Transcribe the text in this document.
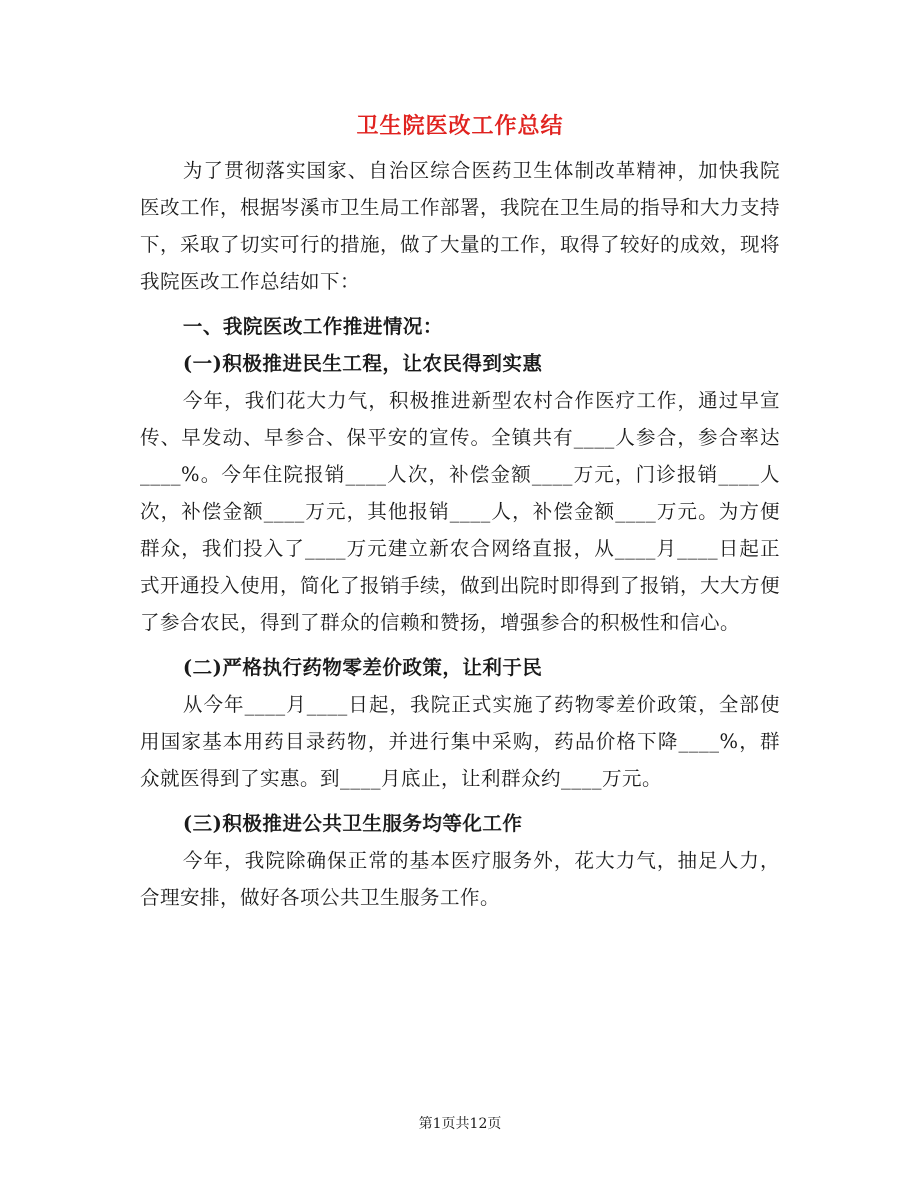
卫生院医改工作总结

为了贯彻落实国家、自治区综合医药卫生体制改革精神，加快我院医改工作，根据岑溪市卫生局工作部署，我院在卫生局的指导和大力支持下，采取了切实可行的措施，做了大量的工作，取得了较好的成效，现将我院医改工作总结如下：

一、我院医改工作推进情况：

(一)积极推进民生工程，让农民得到实惠

今年，我们花大力气，积极推进新型农村合作医疗工作，通过早宣传、早发动、早参合、保平安的宣传。全镇共有____人参合，参合率达____%。今年住院报销____人次，补偿金额____万元，门诊报销____人次，补偿金额____万元，其他报销____人，补偿金额____万元。为方便群众，我们投入了____万元建立新农合网络直报，从____月____日起正式开通投入使用，简化了报销手续，做到出院时即得到了报销，大大方便了参合农民，得到了群众的信赖和赞扬，增强参合的积极性和信心。

(二)严格执行药物零差价政策，让利于民

从今年____月____日起，我院正式实施了药物零差价政策，全部使用国家基本用药目录药物，并进行集中采购，药品价格下降____%，群众就医得到了实惠。到____月底止，让利群众约____万元。

(三)积极推进公共卫生服务均等化工作

今年，我院除确保正常的基本医疗服务外，花大力气，抽足人力，合理安排，做好各项公共卫生服务工作。

第1页共12页
